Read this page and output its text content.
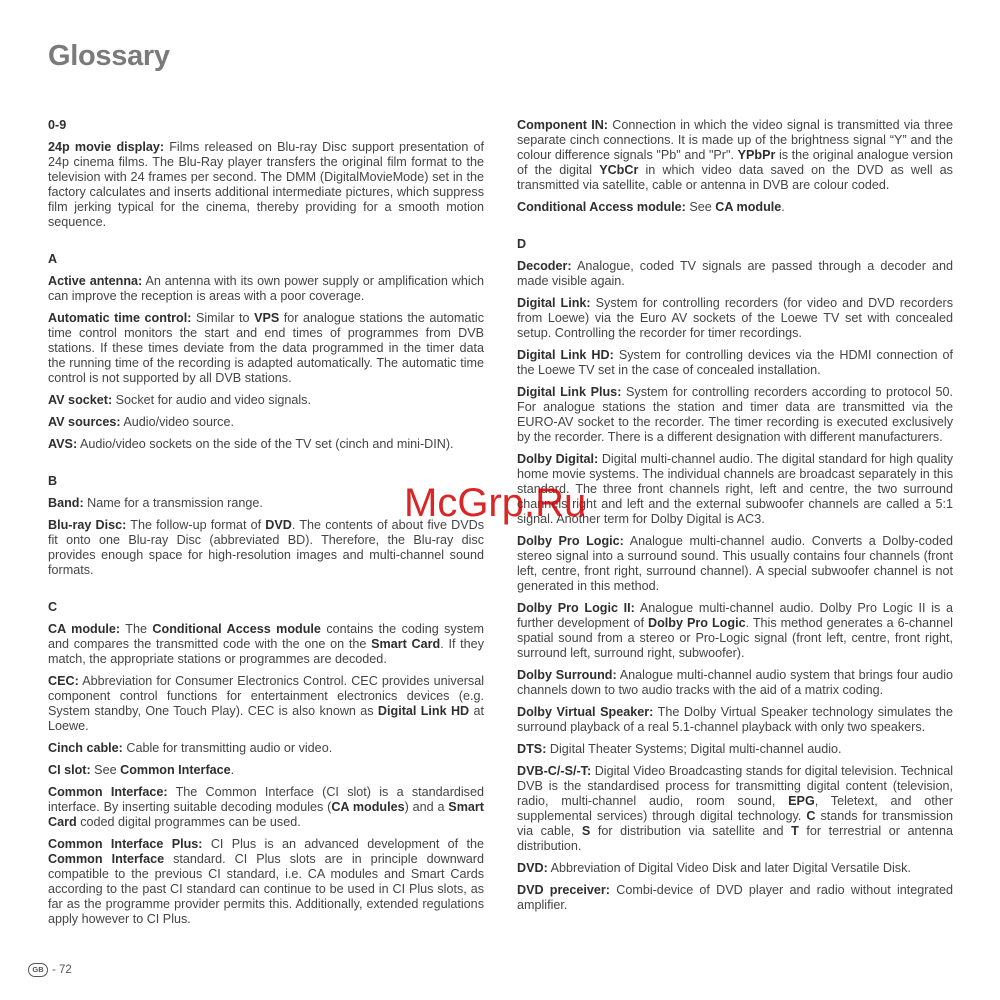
Glossary
0-9

24p movie display: Films released on Blu-ray Disc support presentation of 24p cinema films. The Blu-Ray player transfers the original film format to the television with 24 frames per second. The DMM (DigitalMovieMode) set in the factory calculates and inserts additional intermediate pictures, which suppress film jerking typical for the cinema, thereby providing for a smooth motion sequence.

A

Active antenna: An antenna with its own power supply or amplification which can improve the reception is areas with a poor coverage.

Automatic time control: Similar to VPS for analogue stations the automatic time control monitors the start and end times of programmes from DVB stations. If these times deviate from the data programmed in the timer data the running time of the recording is adapted automatically. The automatic time control is not supported by all DVB stations.

AV socket: Socket for audio and video signals.

AV sources: Audio/video source.

AVS: Audio/video sockets on the side of the TV set (cinch and mini-DIN).

B

Band: Name for a transmission range.

Blu-ray Disc: The follow-up format of DVD. The contents of about five DVDs fit onto one Blu-ray Disc (abbreviated BD). Therefore, the Blu-ray disc provides enough space for high-resolution images and multi-channel sound formats.

C

CA module: The Conditional Access module contains the coding system and compares the transmitted code with the one on the Smart Card. If they match, the appropriate stations or programmes are decoded.

CEC: Abbreviation for Consumer Electronics Control. CEC provides universal component control functions for entertainment electronics devices (e.g. System standby, One Touch Play). CEC is also known as Digital Link HD at Loewe.

Cinch cable: Cable for transmitting audio or video.

CI slot: See Common Interface.

Common Interface: The Common Interface (CI slot) is a standardised interface. By inserting suitable decoding modules (CA modules) and a Smart Card coded digital programmes can be used.

Common Interface Plus: CI Plus is an advanced development of the Common Interface standard. CI Plus slots are in principle downward compatible to the previous CI standard, i.e. CA modules and Smart Cards according to the past CI standard can continue to be used in CI Plus slots, as far as the programme provider permits this. Additionally, extended regulations apply however to CI Plus.

Component IN: Connection in which the video signal is transmitted via three separate cinch connections. It is made up of the brightness signal “Y” and the colour difference signals "Pb" and "Pr". YPbPr is the original analogue version of the digital YCbCr in which video data saved on the DVD as well as transmitted via satellite, cable or antenna in DVB are colour coded.

Conditional Access module: See CA module.

D

Decoder: Analogue, coded TV signals are passed through a decoder and made visible again.

Digital Link: System for controlling recorders (for video and DVD recorders from Loewe) via the Euro AV sockets of the Loewe TV set with concealed setup. Controlling the recorder for timer recordings.

Digital Link HD: System for controlling devices via the HDMI connection of the Loewe TV set in the case of concealed installation.

Digital Link Plus: System for controlling recorders according to protocol 50. For analogue stations the station and timer data are transmitted via the EURO-AV socket to the recorder. The timer recording is executed exclusively by the recorder. There is a different designation with different manufacturers.

Dolby Digital: Digital multi-channel audio. The digital standard for high quality home movie systems. The individual channels are broadcast separately in this standard. The three front channels right, left and centre, the two surround channels right and left and the external subwoofer channels are called a 5:1 signal. Another term for Dolby Digital is AC3.

Dolby Pro Logic: Analogue multi-channel audio. Converts a Dolby-coded stereo signal into a surround sound. This usually contains four channels (front left, centre, front right, surround channel). A special subwoofer channel is not generated in this method.

Dolby Pro Logic II: Analogue multi-channel audio. Dolby Pro Logic II is a further development of Dolby Pro Logic. This method generates a 6-channel spatial sound from a stereo or Pro-Logic signal (front left, centre, front right, surround left, surround right, subwoofer).

Dolby Surround: Analogue multi-channel audio system that brings four audio channels down to two audio tracks with the aid of a matrix coding.

Dolby Virtual Speaker: The Dolby Virtual Speaker technology simulates the surround playback of a real 5.1-channel playback with only two speakers.

DTS: Digital Theater Systems; Digital multi-channel audio.

DVB-C/-S/-T: Digital Video Broadcasting stands for digital television. Technical DVB is the standardised process for transmitting digital content (television, radio, multi-channel audio, room sound, EPG, Teletext, and other supplemental services) through digital technology. C stands for transmission via cable, S for distribution via satellite and T for terrestrial or antenna distribution.

DVD: Abbreviation of Digital Video Disk and later Digital Versatile Disk.

DVD preceiver: Combi-device of DVD player and radio without integrated amplifier.

McGrp.Ru
GB - 72
